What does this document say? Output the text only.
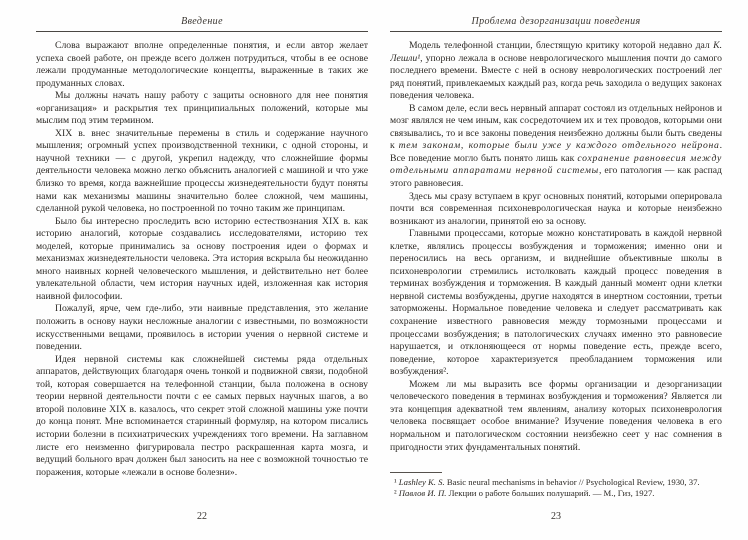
Введение

Слова выражают вполне определенные понятия, и если автор желает успеха своей работе, он прежде всего должен потрудиться, чтобы в ее основе лежали продуманные методологические концепты, выраженные в таких же продуманных словах.

Мы должны начать нашу работу с защиты основного для нее понятия «организация» и раскрытия тех принципиальных положений, которые мы мыслим под этим термином.

XIX в. внес значительные перемены в стиль и содержание научного мышления; огромный успех производственной техники, с одной стороны, и научной техники — с другой, укрепил надежду, что сложнейшие формы деятельности человека можно легко объяснить аналогией с машиной и что уже близко то время, когда важнейшие процессы жизнедеятельности будут поняты нами как механизмы машины значительно более сложной, чем машины, сделанной рукой человека, но построенной по точно таким же принципам.

Было бы интересно проследить всю историю естествознания XIX в. как историю аналогий, которые создавались исследователями, историю тех моделей, которые принимались за основу построения идеи о формах и механизмах жизнедеятельности человека. Эта история вскрыла бы неожиданно много наивных корней человеческого мышления, и действительно нет более увлекательной области, чем история научных идей, изложенная как история наивной философии.

Пожалуй, ярче, чем где-либо, эти наивные представления, это желание положить в основу науки несложные аналогии с известными, по возможности искусственными вещами, проявилось в истории учения о нервной системе и поведении.

Идея нервной системы как сложнейшей системы ряда отдельных аппаратов, действующих благодаря очень тонкой и подвижной связи, подобной той, которая совершается на телефонной станции, была положена в основу теории нервной деятельности почти с ее самых первых научных шагов, а во второй половине XIX в. казалось, что секрет этой сложной машины уже почти до конца понят. Мне вспоминается старинный формуляр, на котором писались истории болезни в психиатрических учреждениях того времени. На заглавном листе его неизменно фигурировала пестро раскрашенная карта мозга, и ведущий больного врач должен был заносить на нее с возможной точностью те поражения, которые «лежали в основе болезни».

22
Проблема дезорганизации поведения

Модель телефонной станции, блестящую критику которой недавно дал К. Лешли¹, упорно лежала в основе неврологического мышления почти до самого последнего времени. Вместе с ней в основу неврологических построений лег ряд понятий, привлекаемых каждый раз, когда речь заходила о ведущих законах поведения человека.

В самом деле, если весь нервный аппарат состоял из отдельных нейронов и мозг являлся не чем иным, как сосредоточием их и тех проводов, которыми они связывались, то и все законы поведения неизбежно должны были быть сведены к тем законам, которые были уже у каждого отдельного нейрона. Все поведение могло быть понято лишь как сохранение равновесия между отдельными аппаратами нервной системы, его патология — как распад этого равновесия.

Здесь мы сразу вступаем в круг основных понятий, которыми оперировала почти вся современная психоневрологическая наука и которые неизбежно возникают из аналогии, принятой ею за основу.

Главными процессами, которые можно констатировать в каждой нервной клетке, являлись процессы возбуждения и торможения; именно они и переносились на весь организм, и виднейшие объективные школы в психоневрологии стремились истолковать каждый процесс поведения в терминах возбуждения и торможения. В каждый данный момент одни клетки нервной системы возбуждены, другие находятся в инертном состоянии, третьи заторможены. Нормальное поведение человека и следует рассматривать как сохранение известного равновесия между тормозными процессами и процессами возбуждения; в патологических случаях именно это равновесие нарушается, и отклоняющееся от нормы поведение есть, прежде всего, поведение, которое характеризуется преобладанием торможения или возбуждения².

Можем ли мы выразить все формы организации и дезорганизации человеческого поведения в терминах возбуждения и торможения? Является ли эта концепция адекватной тем явлениям, анализу которых психоневрология человека посвящает особое внимание? Изучение поведения человека в его нормальном и патологическом состоянии неизбежно сеет у нас сомнения в пригодности этих фундаментальных понятий.

¹ Lashley K. S. Basic neural mechanisms in behavior // Psychological Review, 1930, 37.

² Павлов И. П. Лекции о работе больших полушарий. — М., Гиз, 1927.

23
